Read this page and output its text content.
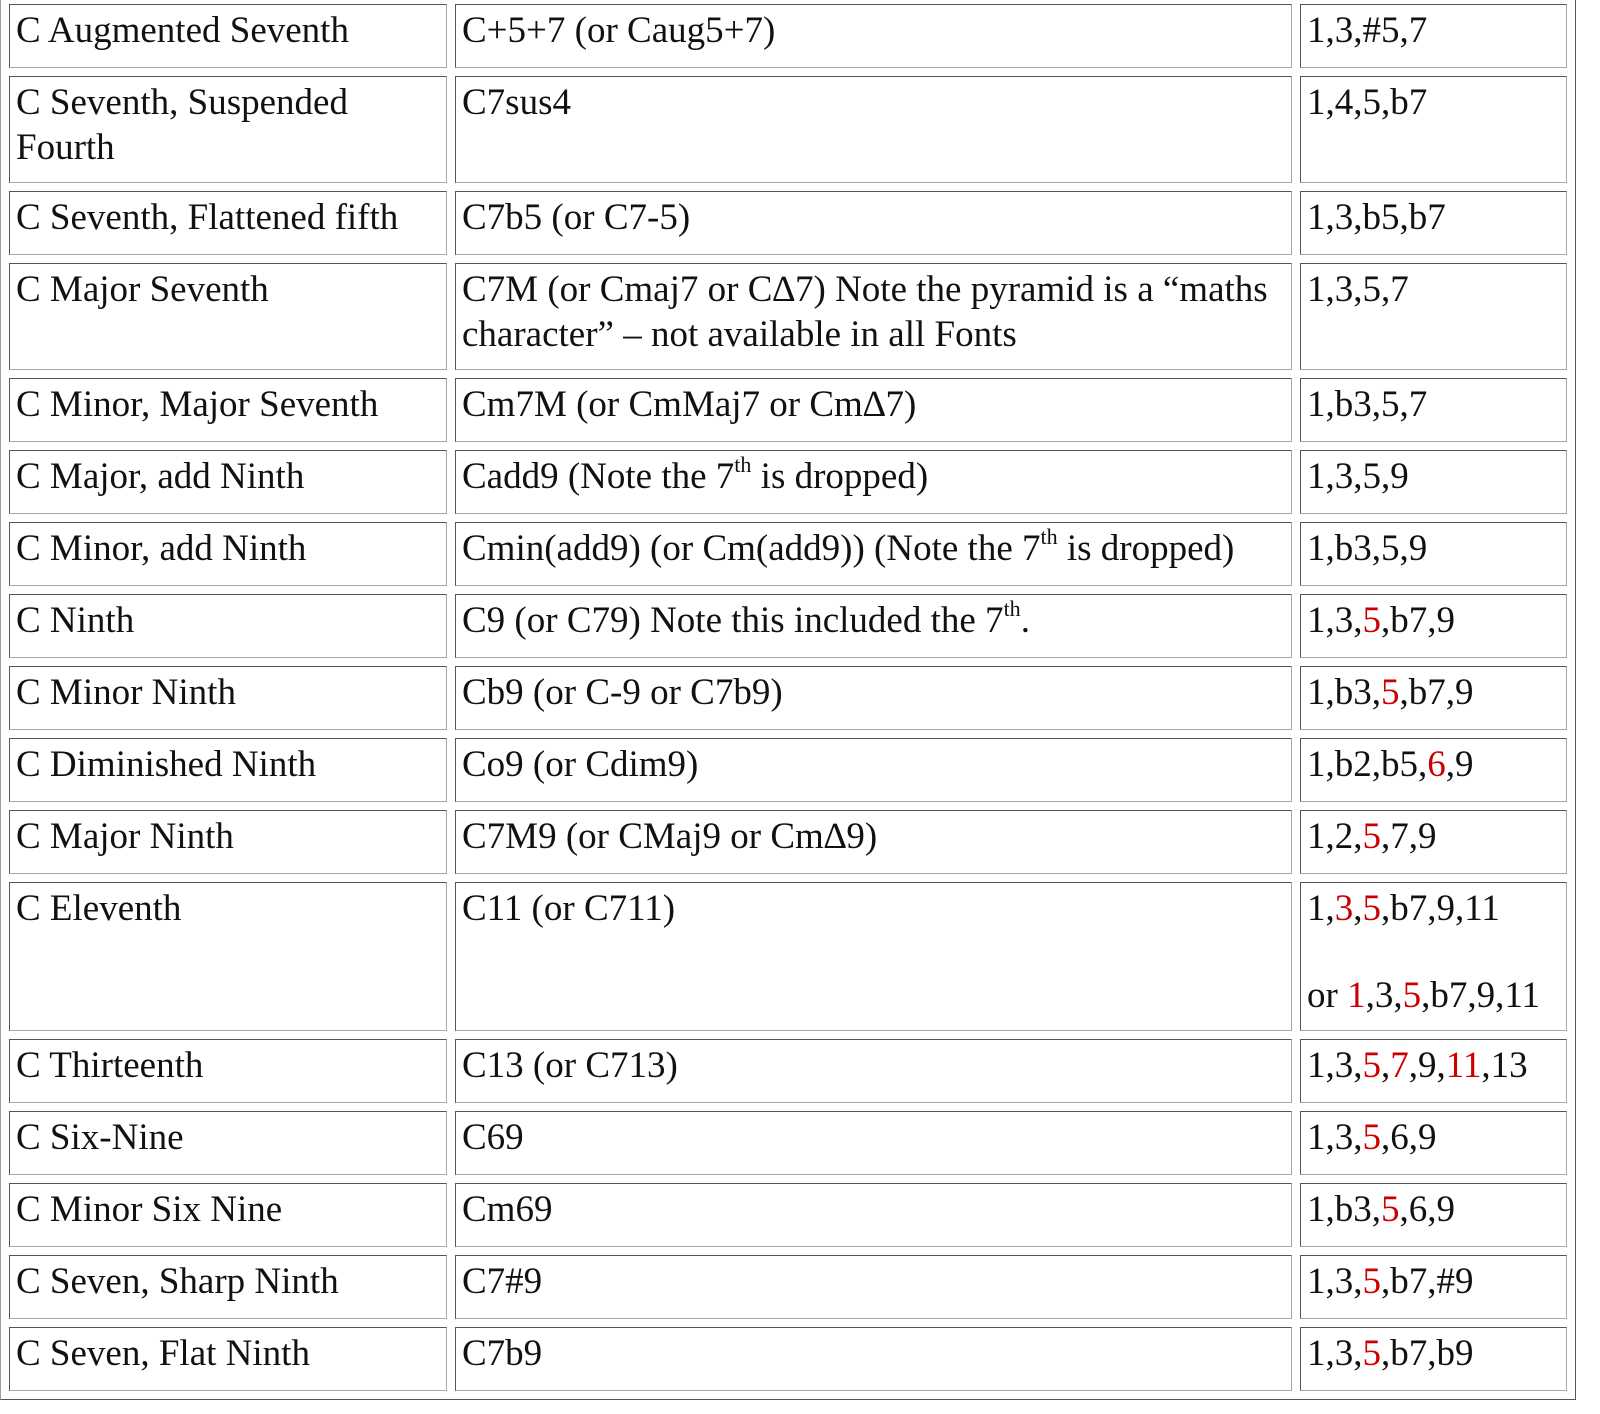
C Augmented Seventh	C+5+7 (or Caug5+7)	1,3,#5,7
C Seventh, Suspended Fourth	C7sus4	1,4,5,b7
C Seventh, Flattened fifth	C7b5 (or C7-5)	1,3,b5,b7
C Major Seventh	C7M (or Cmaj7 or C∆7) Note the pyramid is a “maths character” – not available in all Fonts	1,3,5,7
C Minor, Major Seventh	Cm7M (or CmMaj7 or Cm∆7)	1,b3,5,7
C Major, add Ninth	Cadd9 (Note the 7th is dropped)	1,3,5,9
C Minor, add Ninth	Cmin(add9) (or Cm(add9)) (Note the 7th is dropped)	1,b3,5,9
C Ninth	C9 (or C79) Note this included the 7th.	1,3,5,b7,9
C Minor Ninth	Cb9 (or C-9 or C7b9)	1,b3,5,b7,9
C Diminished Ninth	Co9 (or Cdim9)	1,b2,b5,6,9
C Major Ninth	C7M9 (or CMaj9 or Cm∆9)	1,2,5,7,9
C Eleventh	C11 (or C711)	1,3,5,b7,9,11
or 1,3,5,b7,9,11
C Thirteenth	C13 (or C713)	1,3,5,7,9,11,13
C Six-Nine	C69	1,3,5,6,9
C Minor Six Nine	Cm69	1,b3,5,6,9
C Seven, Sharp Ninth	C7#9	1,3,5,b7,#9
C Seven, Flat Ninth	C7b9	1,3,5,b7,b9
